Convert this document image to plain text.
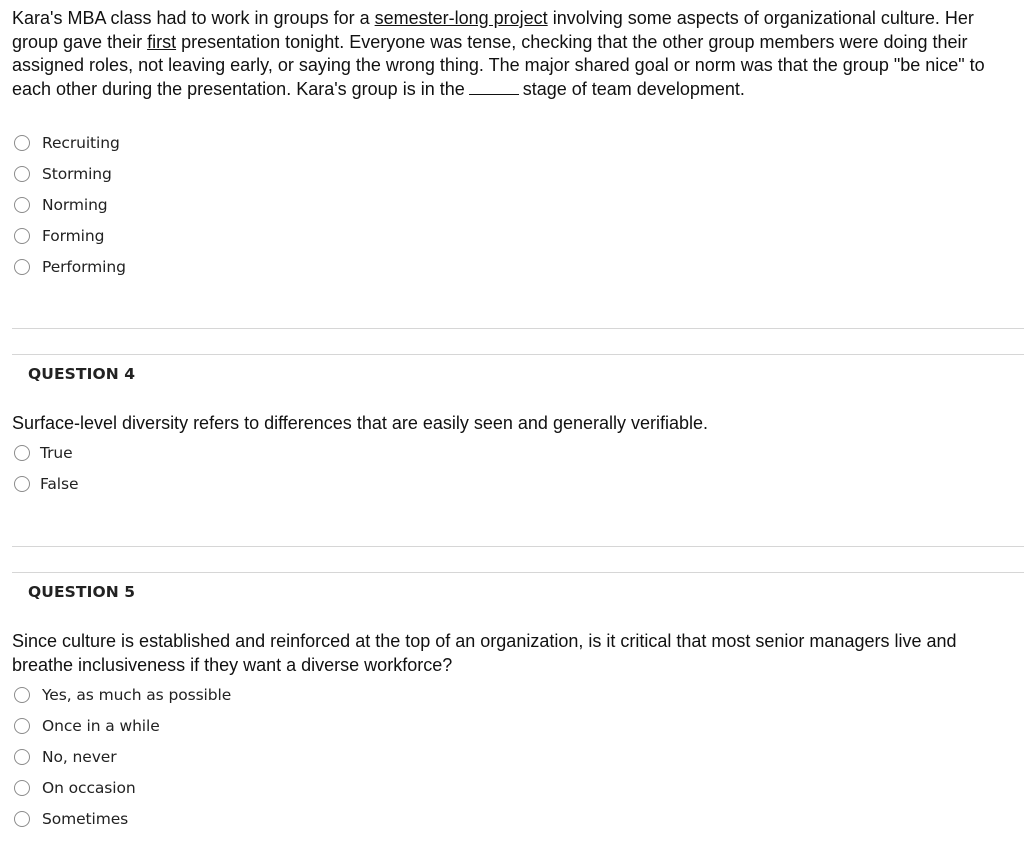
Kara's MBA class had to work in groups for a semester-long project involving some aspects of organizational culture. Her group gave their first presentation tonight. Everyone was tense, checking that the other group members were doing their assigned roles, not leaving early, or saying the wrong thing. The major shared goal or norm was that the group "be nice" to each other during the presentation. Kara's group is in the	stage of team development.
Recruiting
Storming
Norming
Forming
Performing
QUESTION 4
Surface-level diversity refers to differences that are easily seen and generally verifiable.
True
False
QUESTION 5
Since culture is established and reinforced at the top of an organization, is it critical that most senior managers live and breathe inclusiveness if they want a diverse workforce?
Yes, as much as possible
Once in a while
No, never
On occasion
Sometimes
